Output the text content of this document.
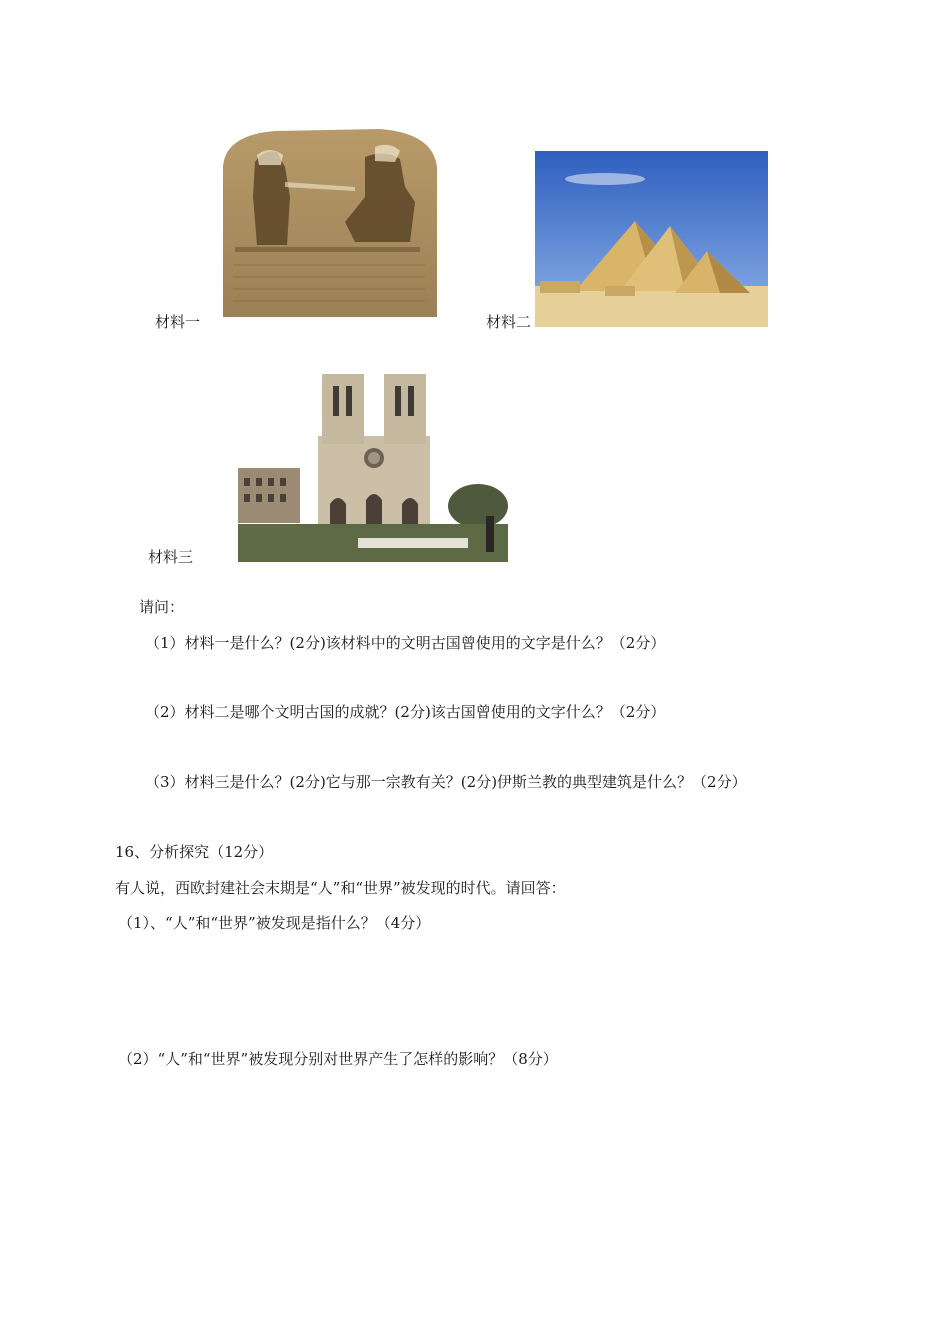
材料一	材料二
材料三
请问：
（1）材料一是什么？(2分)该材料中的文明古国曾使用的文字是什么？（2分）
（2）材料二是哪个文明古国的成就？(2分)该古国曾使用的文字什么？（2分）
（3）材料三是什么？(2分)它与那一宗教有关？(2分)伊斯兰教的典型建筑是什么？（2分）
16、分析探究（12分）
有人说，西欧封建社会末期是“人”和“世界”被发现的时代。请回答：
（1）、“人”和“世界”被发现是指什么？（4分）
（2）“人”和“世界”被发现分别对世界产生了怎样的影响？（8分）
